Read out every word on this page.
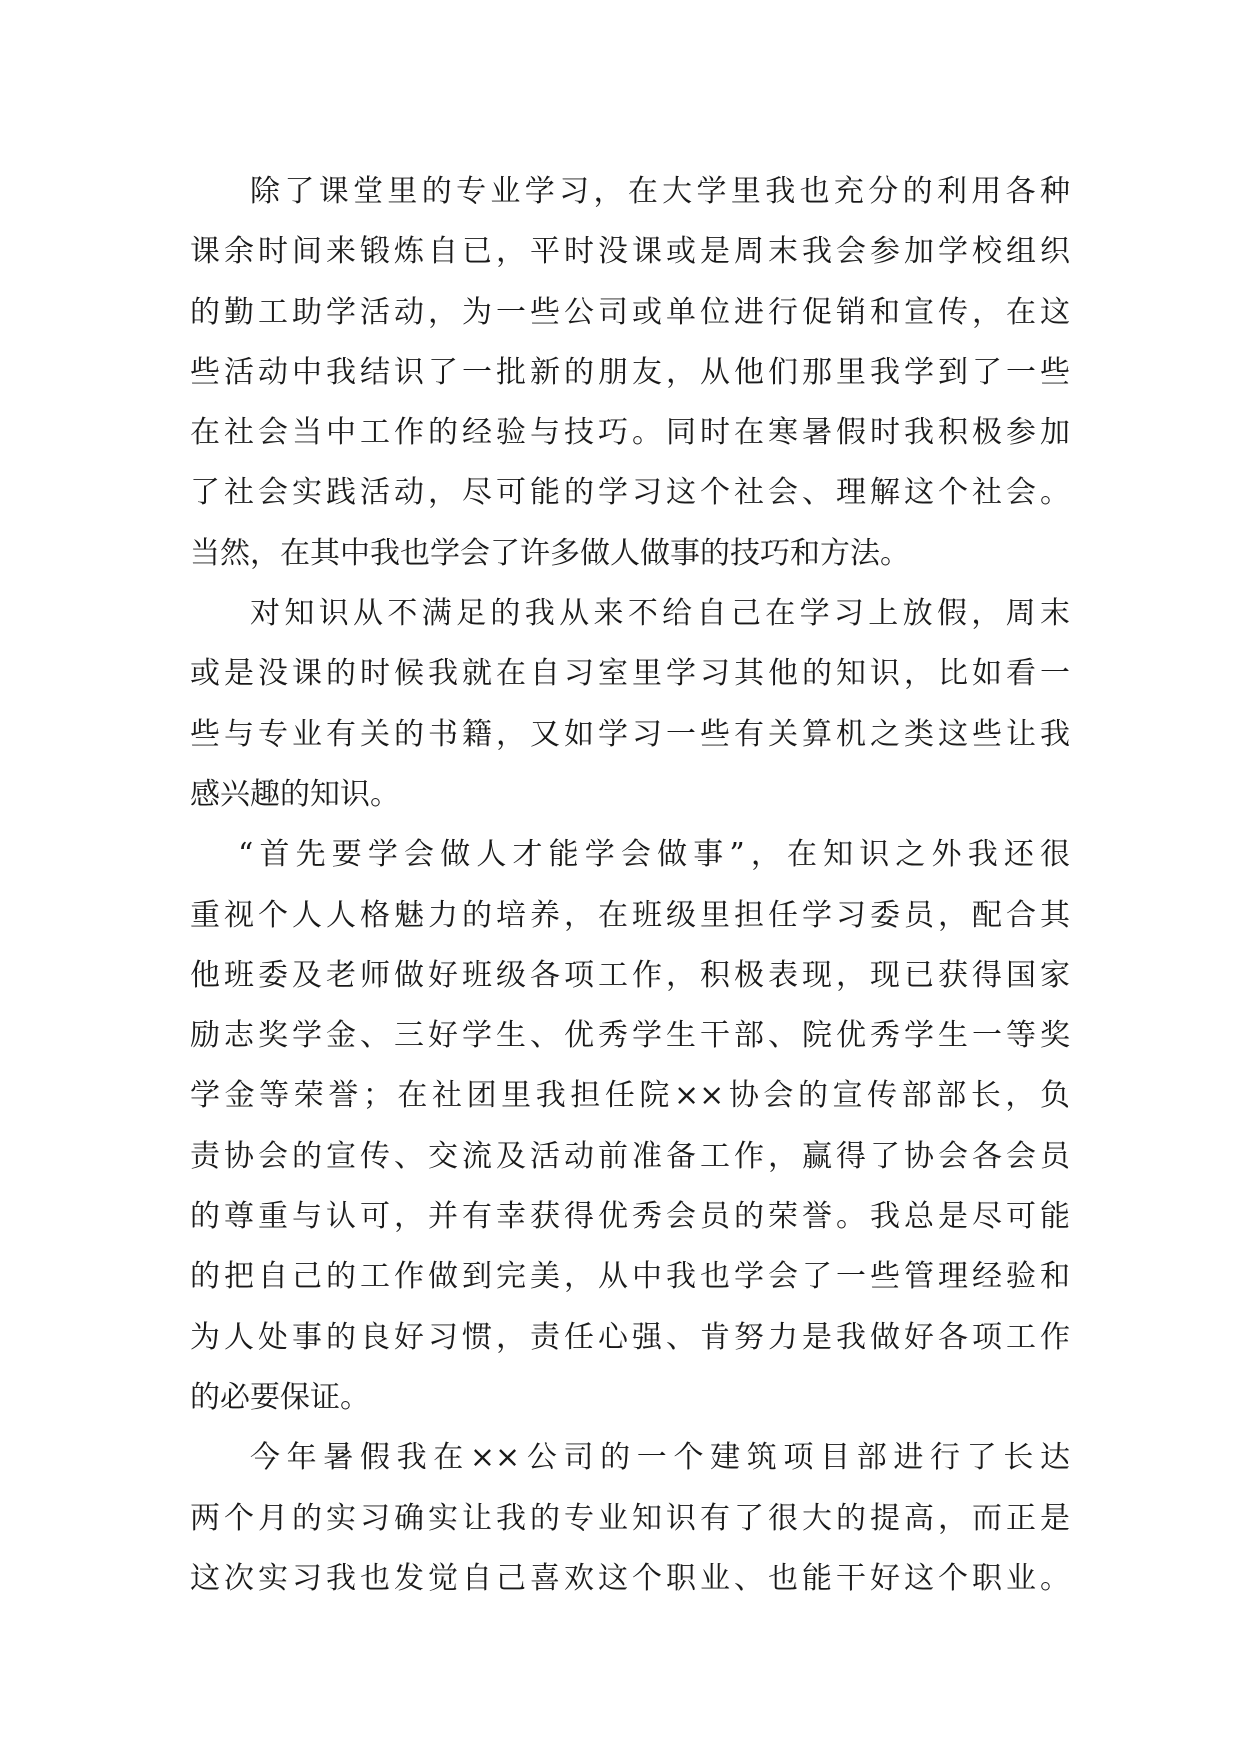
除了课堂里的专业学习，在大学里我也充分的利用各种
课余时间来锻炼自已，平时没课或是周末我会参加学校组织
的勤工助学活动，为一些公司或单位进行促销和宣传，在这
些活动中我结识了一批新的朋友，从他们那里我学到了一些
在社会当中工作的经验与技巧。同时在寒暑假时我积极参加
了社会实践活动，尽可能的学习这个社会、理解这个社会。
当然，在其中我也学会了许多做人做事的技巧和方法。
对知识从不满足的我从来不给自己在学习上放假，周末
或是没课的时候我就在自习室里学习其他的知识，比如看一
些与专业有关的书籍，又如学习一些有关算机之类这些让我
感兴趣的知识。
“首先要学会做人才能学会做事”，在知识之外我还很
重视个人人格魅力的培养，在班级里担任学习委员，配合其
他班委及老师做好班级各项工作，积极表现，现已获得国家
励志奖学金、三好学生、优秀学生干部、院优秀学生一等奖
学金等荣誉；在社团里我担任院××协会的宣传部部长，负
责协会的宣传、交流及活动前准备工作，赢得了协会各会员
的尊重与认可，并有幸获得优秀会员的荣誉。我总是尽可能
的把自己的工作做到完美，从中我也学会了一些管理经验和
为人处事的良好习惯，责任心强、肯努力是我做好各项工作
的必要保证。
今年暑假我在××公司的一个建筑项目部进行了长达
两个月的实习确实让我的专业知识有了很大的提高，而正是
这次实习我也发觉自己喜欢这个职业、也能干好这个职业。
